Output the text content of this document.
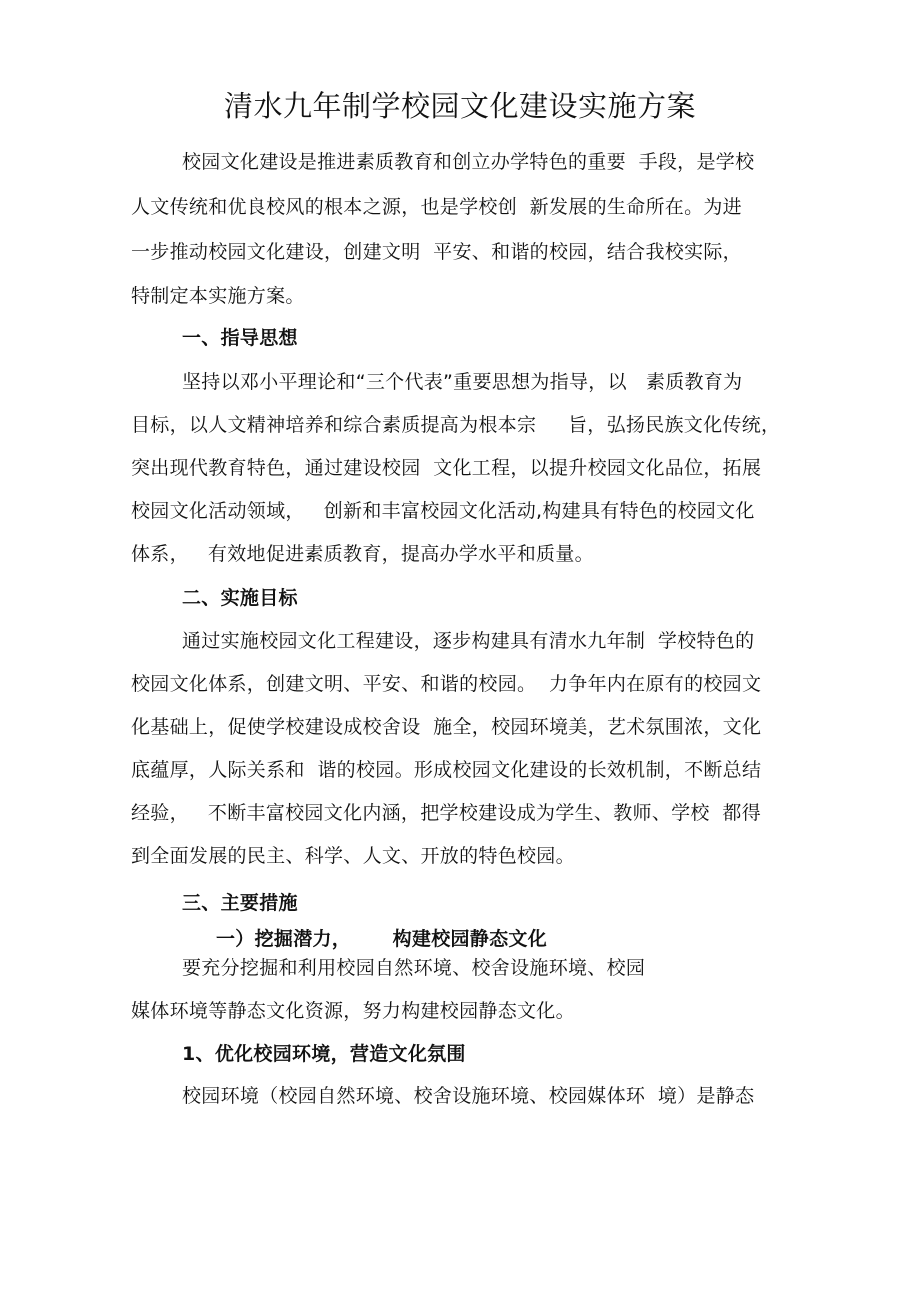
清水九年制学校园文化建设实施方案
校园文化建设是推进素质教育和创立办学特色的重要  手段，是学校
人文传统和优良校风的根本之源，也是学校创  新发展的生命所在。为进
一步推动校园文化建设，创建文明  平安、和谐的校园，结合我校实际，
特制定本实施方案。
一、指导思想
坚持以邓小平理论和“三个代表”重要思想为指导，以   素质教育为
目标，以人文精神培养和综合素质提高为根本宗     旨，弘扬民族文化传统，
突出现代教育特色，通过建设校园  文化工程，以提升校园文化品位，拓展
校园文化活动领域，   创新和丰富校园文化活动,构建具有特色的校园文化
体系，   有效地促进素质教育，提高办学水平和质量。
二、实施目标
通过实施校园文化工程建设，逐步构建具有清水九年制  学校特色的
校园文化体系，创建文明、平安、和谐的校园。  力争年内在原有的校园文
化基础上，促使学校建设成校舍设  施全，校园环境美，艺术氛围浓，文化
底蕴厚，人际关系和  谐的校园。形成校园文化建设的长效机制，不断总结
经验，   不断丰富校园文化内涵，把学校建设成为学生、教师、学校  都得
到全面发展的民主、科学、人文、开放的特色校园。
三、主要措施
一）挖掘潜力，      构建校园静态文化
要充分挖掘和利用校园自然环境、校舍设施环境、校园
媒体环境等静态文化资源，努力构建校园静态文化。
1、优化校园环境，营造文化氛围
校园环境（校园自然环境、校舍设施环境、校园媒体环  境）是静态
